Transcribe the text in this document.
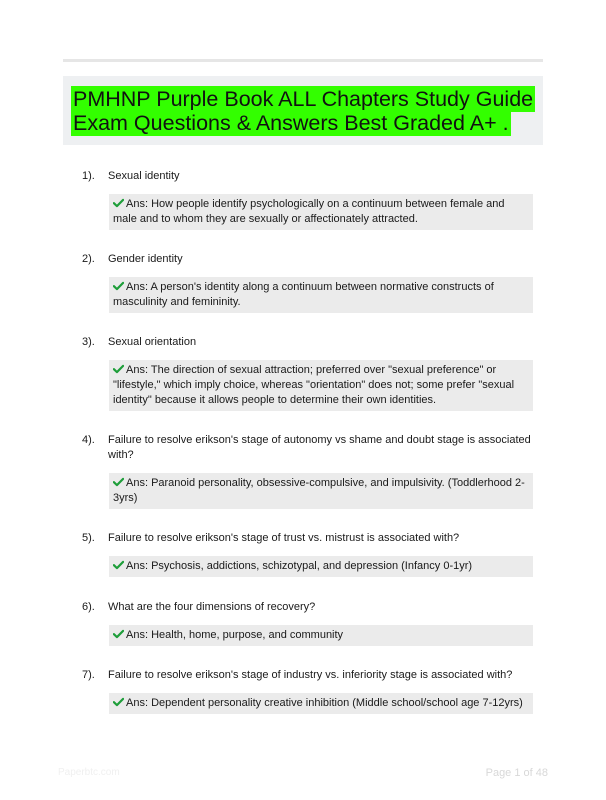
PMHNP Purple Book ALL Chapters Study Guide Exam Questions & Answers Best Graded A+ .
1). Sexual identity
Ans: How people identify psychologically on a continuum between female and male and to whom they are sexually or affectionately attracted.
2). Gender identity
Ans: A person's identity along a continuum between normative constructs of masculinity and femininity.
3). Sexual orientation
Ans: The direction of sexual attraction; preferred over "sexual preference" or "lifestyle," which imply choice, whereas "orientation" does not; some prefer "sexual identity" because it allows people to determine their own identities.
4). Failure to resolve erikson's stage of autonomy vs shame and doubt stage is associated with?
Ans: Paranoid personality, obsessive-compulsive, and impulsivity. (Toddlerhood 2-3yrs)
5). Failure to resolve erikson's stage of trust vs. mistrust is associated with?
Ans: Psychosis, addictions, schizotypal, and depression (Infancy 0-1yr)
6). What are the four dimensions of recovery?
Ans: Health, home, purpose, and community
7). Failure to resolve erikson's stage of industry vs. inferiority stage is associated with?
Ans: Dependent personality creative inhibition (Middle school/school age 7-12yrs)
Paperbtc.com	Page 1 of 48
